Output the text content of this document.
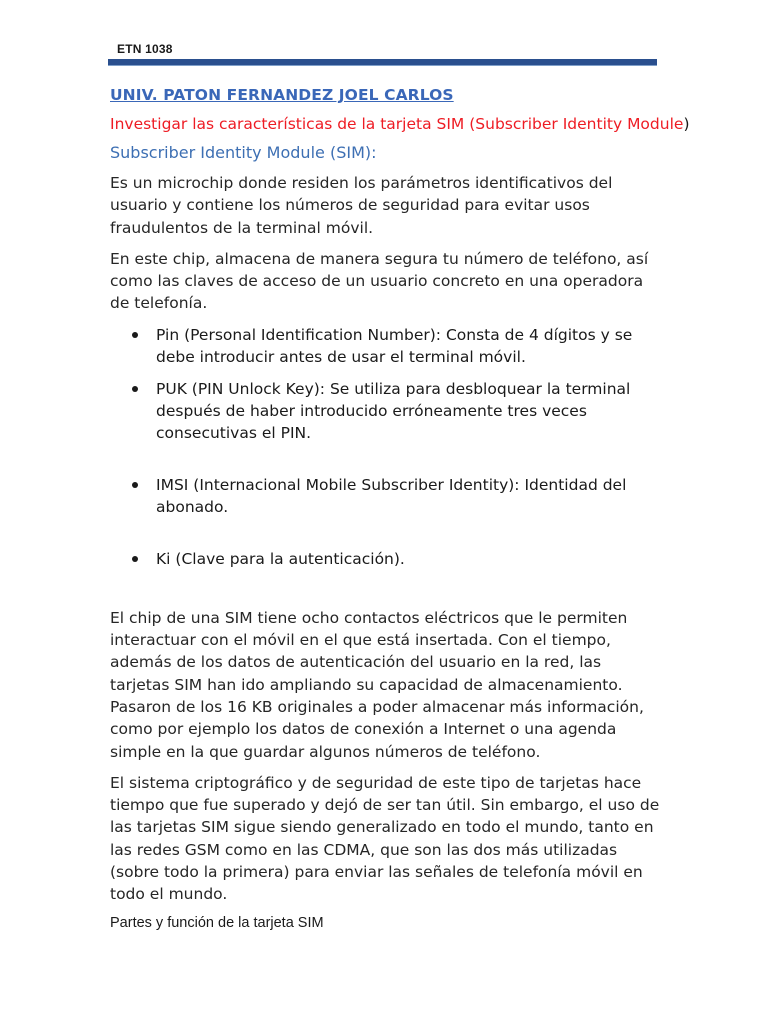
ETN 1038
UNIV. PATON FERNANDEZ JOEL CARLOS
Investigar las características de la tarjeta SIM (Subscriber Identity Module)
Subscriber Identity Module (SIM):

Es un microchip donde residen los parámetros identificativos del usuario y contiene los números de seguridad para evitar usos fraudulentos de la terminal móvil.

En este chip, almacena de manera segura tu número de teléfono, así como las claves de acceso de un usuario concreto en una operadora de telefonía.

Pin (Personal Identification Number): Consta de 4 dígitos y se debe introducir antes de usar el terminal móvil.
PUK (PIN Unlock Key): Se utiliza para desbloquear la terminal después de haber introducido erróneamente tres veces consecutivas el PIN.
IMSI (Internacional Mobile Subscriber Identity): Identidad del abonado.
Ki (Clave para la autenticación).

El chip de una SIM tiene ocho contactos eléctricos que le permiten interactuar con el móvil en el que está insertada. Con el tiempo, además de los datos de autenticación del usuario en la red, las tarjetas SIM han ido ampliando su capacidad de almacenamiento. Pasaron de los 16 KB originales a poder almacenar más información, como por ejemplo los datos de conexión a Internet o una agenda simple en la que guardar algunos números de teléfono.

El sistema criptográfico y de seguridad de este tipo de tarjetas hace tiempo que fue superado y dejó de ser tan útil. Sin embargo, el uso de las tarjetas SIM sigue siendo generalizado en todo el mundo, tanto en las redes GSM como en las CDMA, que son las dos más utilizadas (sobre todo la primera) para enviar las señales de telefonía móvil en todo el mundo.

Partes y función de la tarjeta SIM
